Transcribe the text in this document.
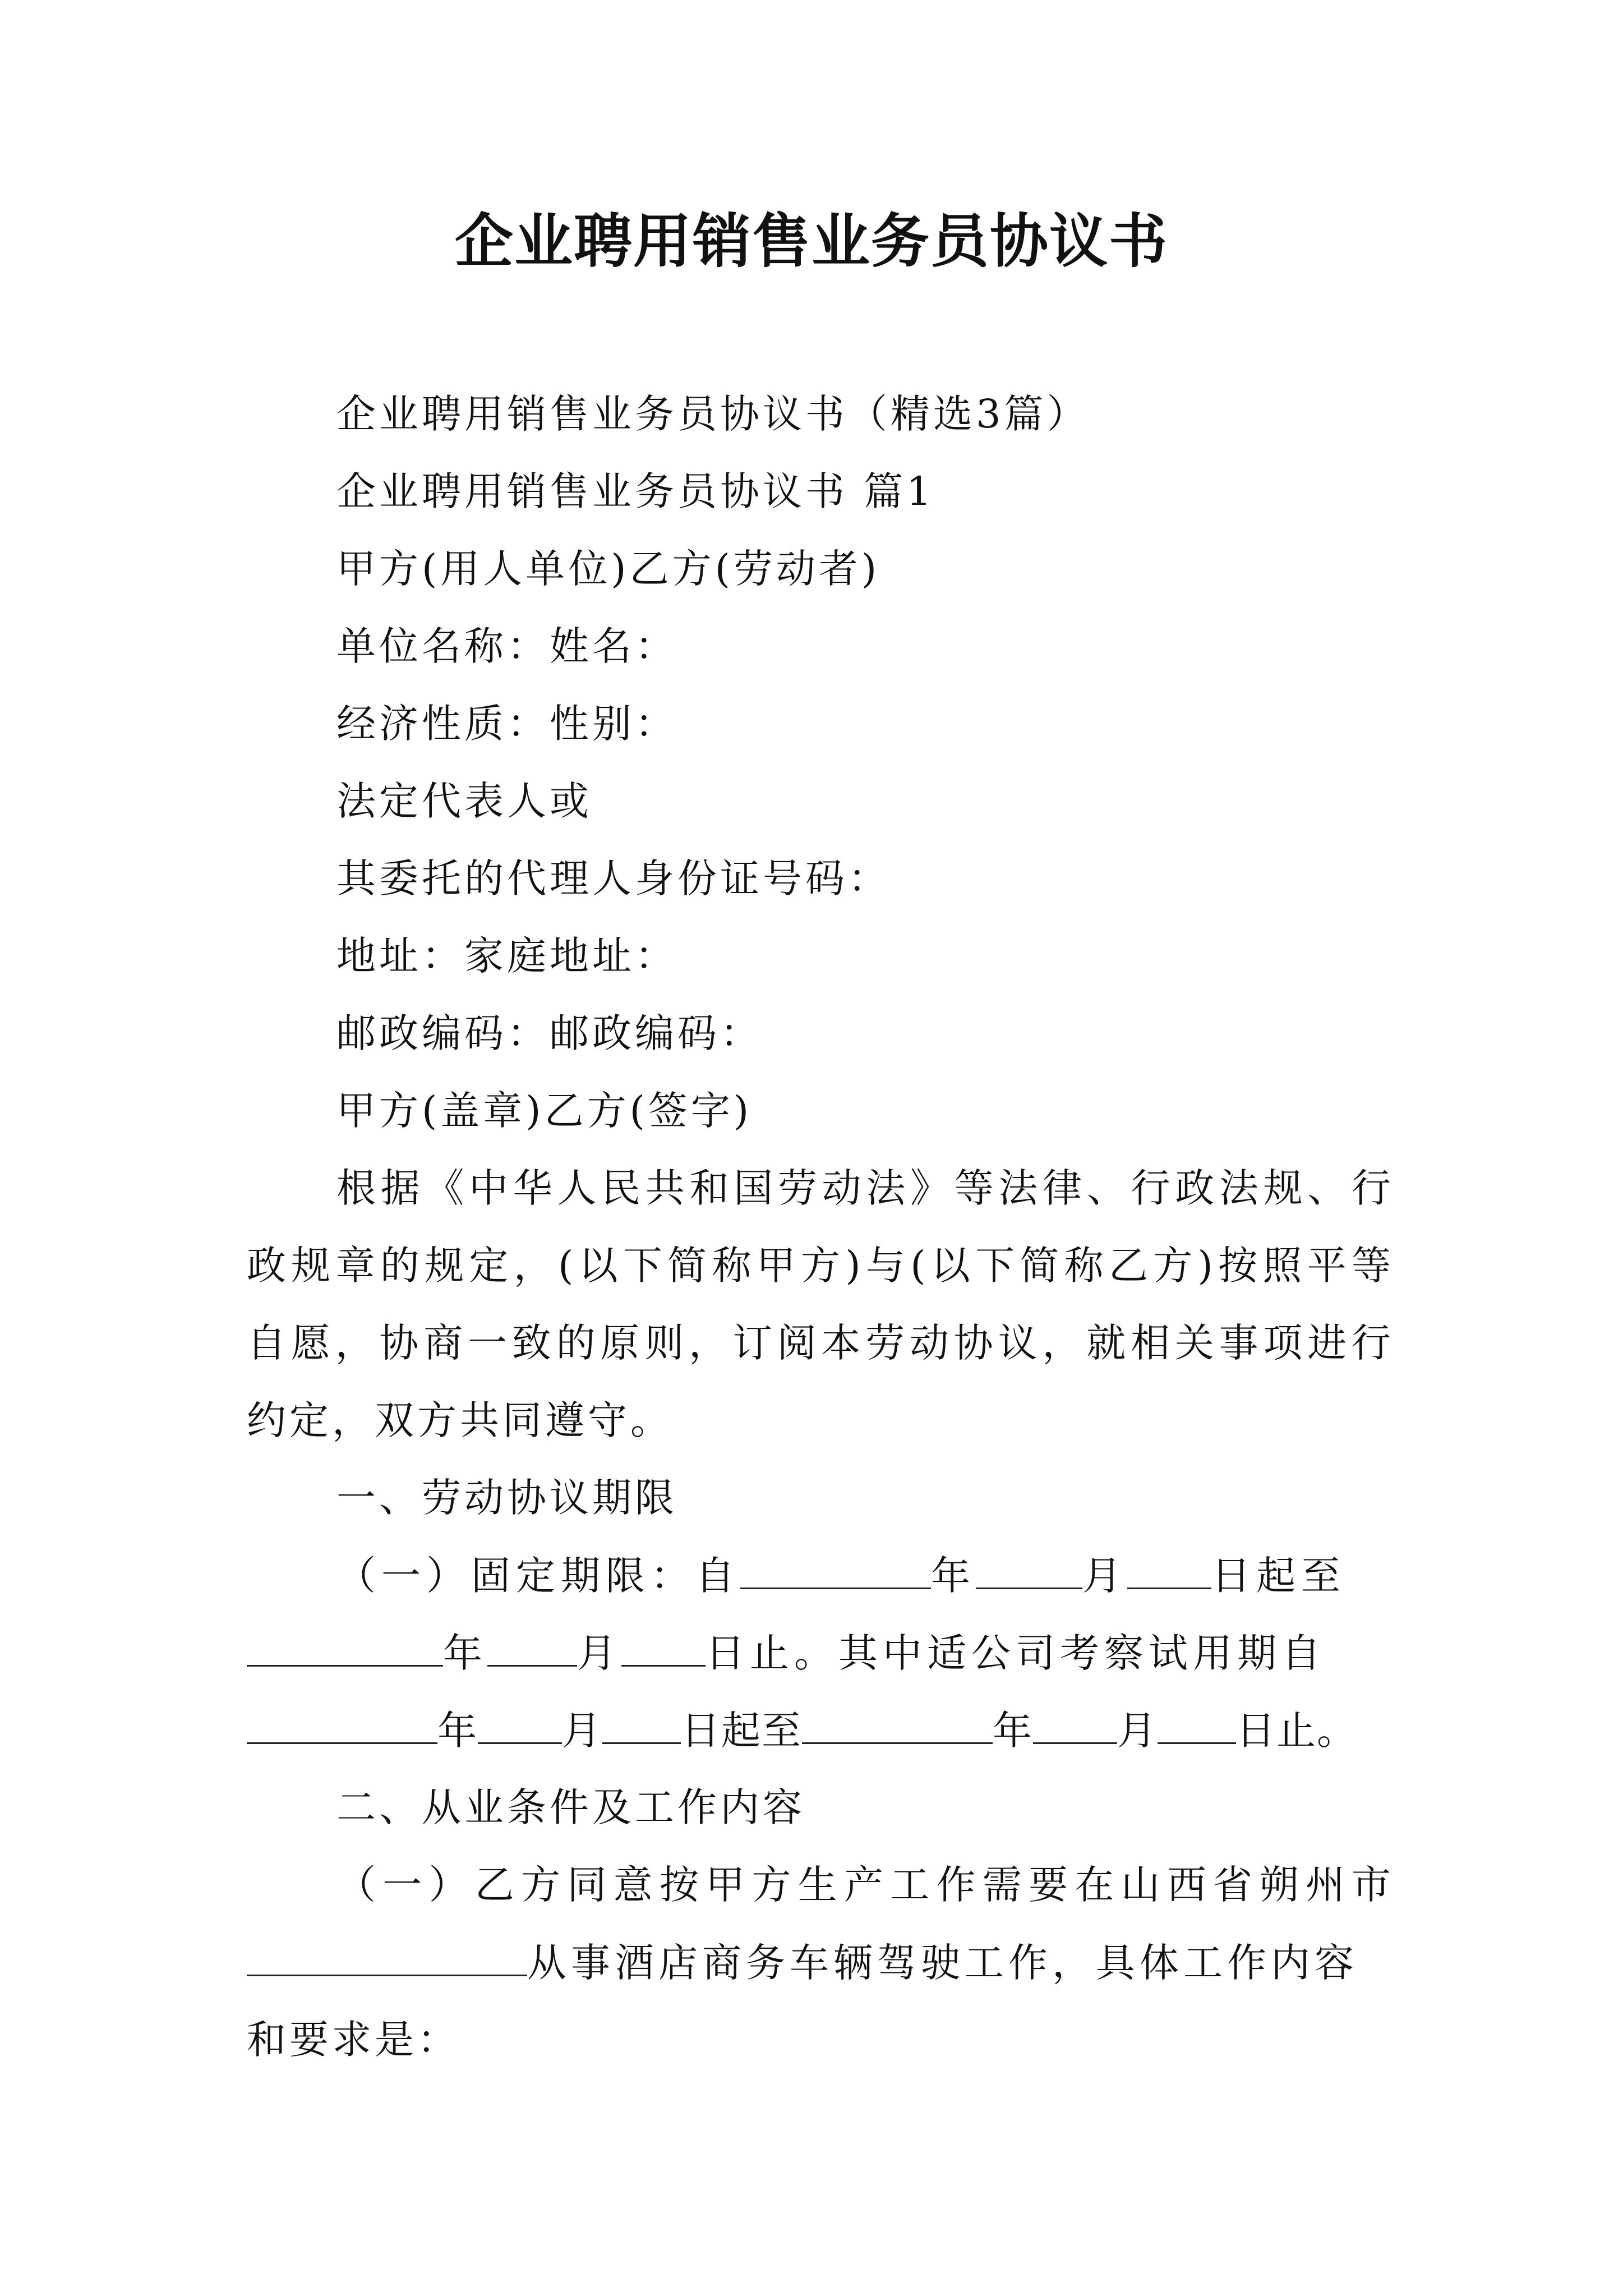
企业聘用销售业务员协议书
企业聘用销售业务员协议书（精选3篇）
企业聘用销售业务员协议书 篇1
甲方(用人单位)乙方(劳动者)
单位名称：姓名：
经济性质：性别：
法定代表人或
其委托的代理人身份证号码：
地址：家庭地址：
邮政编码：邮政编码：
甲方(盖章)乙方(签字)
根据《中华人民共和国劳动法》等法律、行政法规、行
政规章的规定，(以下简称甲方)与(以下简称乙方)按照平等
自愿，协商一致的原则，订阅本劳动协议，就相关事项进行
约定，双方共同遵守。
一、劳动协议期限
（一）固定期限：自	年	月 日起至
年 月 日止。其中适公司考察试用期自
年 月 日起至	年 月 日止。
二、从业条件及工作内容
（一）乙方同意按甲方生产工作需要在山西省朔州市
从事酒店商务车辆驾驶工作，具体工作内容
和要求是：
